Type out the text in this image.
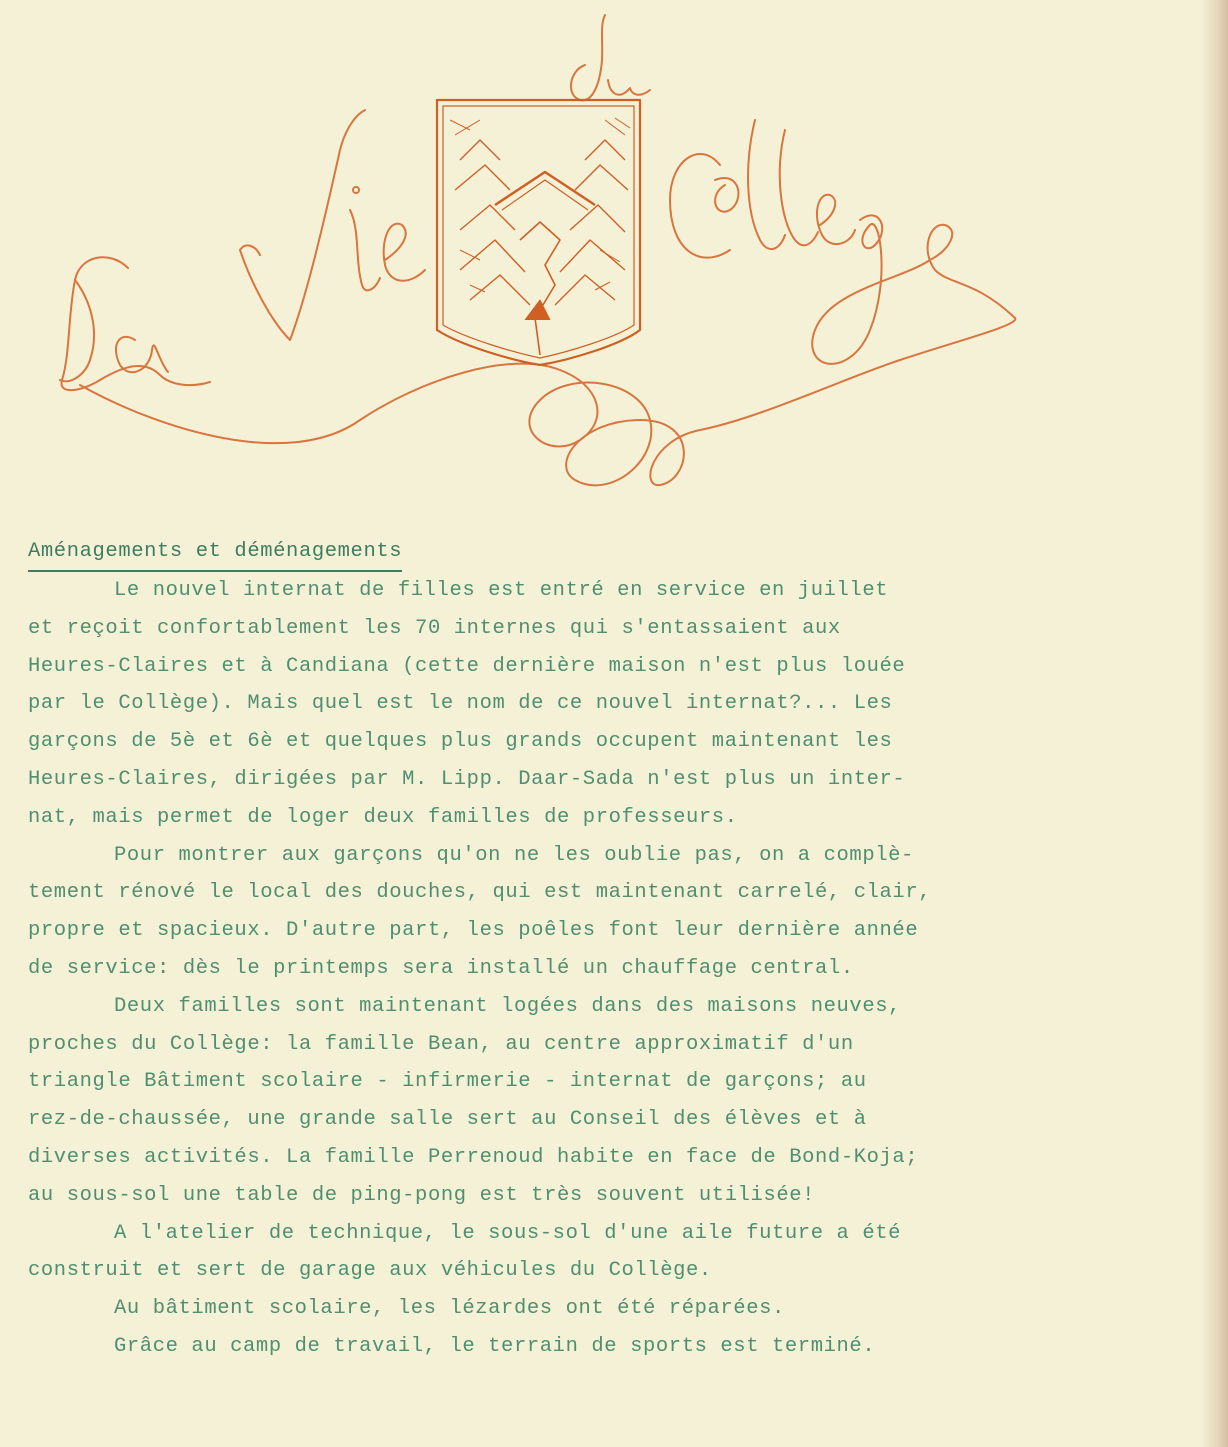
Aménagements et déménagements

Le nouvel internat de filles est entré en service en juillet

et reçoit confortablement les 70 internes qui s'entassaient aux

Heures-Claires et à Candiana (cette dernière maison n'est plus louée

par le Collège). Mais quel est le nom de ce nouvel internat?... Les

garçons de 5è et 6è et quelques plus grands occupent maintenant les

Heures-Claires, dirigées par M. Lipp. Daar-Sada n'est plus un inter-

nat, mais permet de loger deux familles de professeurs.

Pour montrer aux garçons qu'on ne les oublie pas, on a complè-

tement rénové le local des douches, qui est maintenant carrelé, clair,

propre et spacieux. D'autre part, les poêles font leur dernière année

de service: dès le printemps sera installé un chauffage central.

Deux familles sont maintenant logées dans des maisons neuves,

proches du Collège: la famille Bean, au centre approximatif d'un

triangle Bâtiment scolaire - infirmerie - internat de garçons; au

rez-de-chaussée, une grande salle sert au Conseil des élèves et à

diverses activités. La famille Perrenoud habite en face de Bond-Koja;

au sous-sol une table de ping-pong est très souvent utilisée!

A l'atelier de technique, le sous-sol d'une aile future a été

construit et sert de garage aux véhicules du Collège.

Au bâtiment scolaire, les lézardes ont été réparées.

Grâce au camp de travail, le terrain de sports est terminé.
